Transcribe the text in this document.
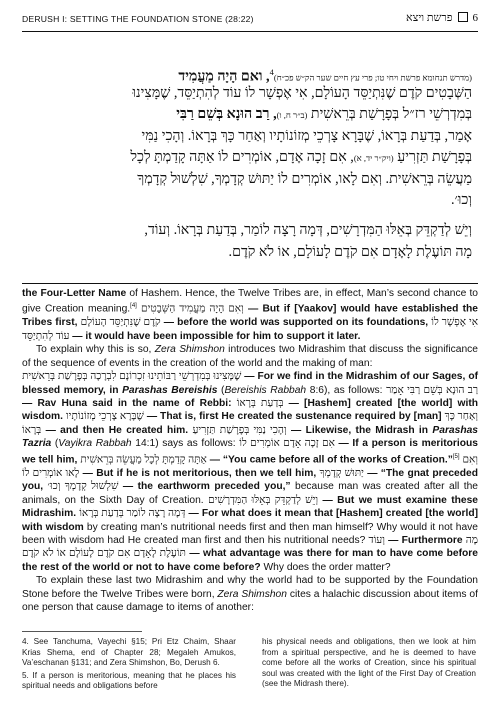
DERUSH I: SETTING THE FOUNDATION STONE (28:22)	6פרשת ויצא
(מדרש תנחומא פרשת ויחי טו; פרי עץ חיים שער הק״ש פכ״ח)$^4$, ואם הָיָה מַעֲמִיד
הַשְּׁבָטִים קֹדֶם שֶׁנִּתְיַסֵּד הָעוֹלָם, אִי אֶפְשָׁר לוֹ עוֹד לְהִתְיַסֵּד, שֶׁמָּצִינוּ
בְּמִדְרְשֵׁי רז״ל בְּפָרָשַׁת בְּרֵאשִׁית (ב״ר ח, ו), רַב הוּנָא בְּשֵׁם רַבִּי
אָמַר, בְּדַעַת בְּרָאוֹ, שֶׁבָּרָא צָרְכֵי מְזוֹנוֹתָיו וְאַחַר כָּךְ בְּרָאוֹ. וְהָכִי נַמִּי
בְּפָרָשַׁת תַּזְרִיעַ (ויק״ר יד, א), אִם זָכָה אָדָם, אוֹמְרִים לוֹ אַתָּה קָדַמְתָּ לְכָל
מַעֲשֵׂה בְּרֵאשִׁית. וְאִם לָאו, אוֹמְרִים לוֹ יַתּוּשׁ קְדָמְךָ, שִׁלְשׁוּל קְדָמְךָ
וְכוּ׳.
וְיֵשׁ לְדַקְדֵּק בְּאֵלּוּ הַמִּדְרָשִׁים, דְּמָה רָצָה לוֹמַר, בְּדַעַת בְּרָאוֹ. וְעוֹד,
מָה תּוֹעֶלֶת לָאָדָם אִם קֹדֶם לָעוֹלָם, אוֹ לֹא קֹדֶם.

the Four-Letter Name of Hashem. Hence, the Twelve Tribes are, in effect, Man’s second chance to give Creation meaning.[4] וְאִם הָיָה מַעֲמִיד הַשְּׁבָטִים — But if [Yaakov] would have established the Tribes first, קֹדֶם שֶׁנִּתְיַסֵּד הָעוֹלָם — before the world was supported on its foundations, אִי אֶפְשָׁר לוֹ עוֹד לְהִתְיַסֵּד — it would have been impossible for him to support it later.

To explain why this is so, Zera Shimshon introduces two Midrashim that discuss the significance of the sequence of events in the creation of the world and the making of man:

שֶׁמָּצִינוּ בְּמִדְרְשֵׁי רַבּוֹתֵינוּ זִכְרוֹנָם לִבְרָכָה בְּפָרָשַׁת בְּרֵאשִׁית — For we find in the Midrashim of our Sages, of blessed memory, in Parashas Bereishis (Bereishis Rabbah 8:6), as follows: רַב הוּנָא בְּשֵׁם רַבִּי אָמַר — Rav Huna said in the name of Rebbi: בְּדַעַת בְּרָאוֹ — [Hashem] created [the world] with wisdom. שֶׁבָּרָא צָרְכֵי מְזוֹנוֹתָיו — That is, first He created the sustenance required by [man] וְאַחַר כָּךְ בְּרָאוֹ — and then He created him. וְהָכִי נַמִּי בְּפָרָשַׁת תַּזְרִיעַ — Likewise, the Midrash in Parashas Tazria (Vayikra Rabbah 14:1) says as follows: אִם זָכָה אָדָם אוֹמְרִים לוֹ — If a person is meritorious we tell him, אַתָּה קָדַמְתָּ לְכָל מַעֲשֵׂה בְּרֵאשִׁית — “You came before all of the works of Creation.”[5] וְאִם לָאו אוֹמְרִים לוֹ — But if he is not meritorious, then we tell him, יַתּוּשׁ קְדָמְךָ — “The gnat preceded you, שִׁלְשׁוּל קְדָמְךָ וְכוּ׳ — the earthworm preceded you,” because man was created after all the animals, on the Sixth Day of Creation. וְיֵשׁ לְדַקְדֵּק בְּאֵלּוּ הַמִּדְרָשִׁים — But we must examine these Midrashim. דְּמָה רָצָה לוֹמַר בְּדַעַת בְּרָאוֹ — For what does it mean that [Hashem] created [the world] with wisdom by creating man’s nutritional needs first and then man himself? Why would it not have been with wisdom had He created man first and then his nutritional needs? וְעוֹד — Furthermore מָה תּוֹעֶלֶת לָאָדָם אִם קֹדֶם לָעוֹלָם אוֹ לֹא קֹדֶם — what advantage was there for man to have come before the rest of the world or not to have come before? Why does the order matter?

To explain these last two Midrashim and why the world had to be supported by the Foundation Stone before the Twelve Tribes were born, Zera Shimshon cites a halachic discussion about items of one person that cause damage to items of another:

4. See Tanchuma, Vayechi §15; Pri Etz Chaim, Shaar Krias Shema, end of Chapter 28; Megaleh Amukos, Va’eschanan §131; and Zera Shimshon, Bo, Derush 6.

5. If a person is meritorious, meaning that he places his spiritual needs and obligations before

his physical needs and obligations, then we look at him from a spiritual perspective, and he is deemed to have come before all the works of Creation, since his spiritual soul was created with the light of the First Day of Creation (see the Midrash there).
